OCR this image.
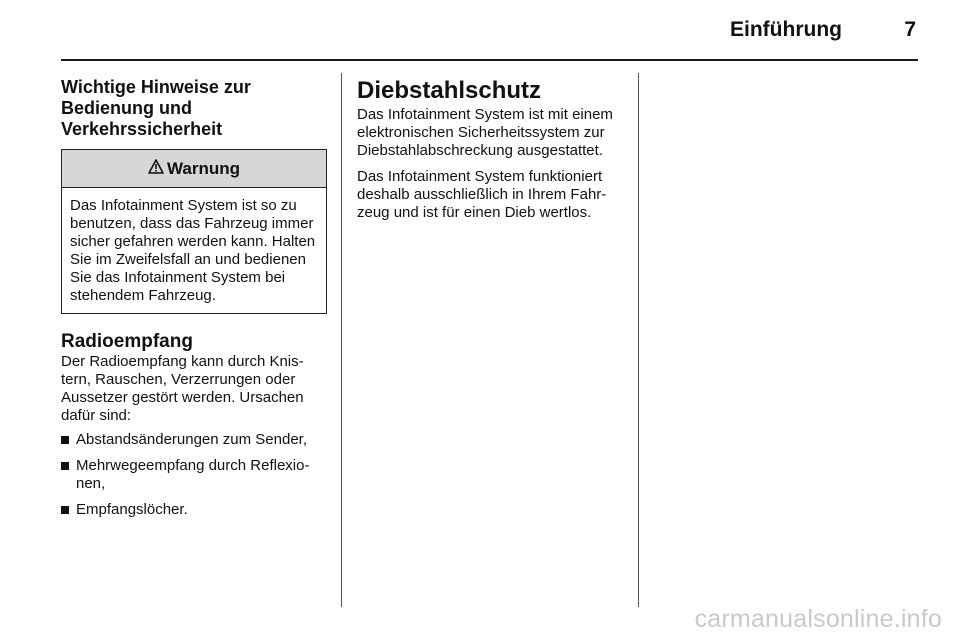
Einführung	7
Wichtige Hinweise zur Bedienung und Verkehrssicherheit
Warnung
Das Infotainment System ist so zu benutzen, dass das Fahrzeug immer sicher gefahren werden kann. Halten Sie im Zweifelsfall an und bedienen Sie das Infotainment System bei stehendem Fahrzeug.
Radioempfang

Der Radioempfang kann durch Knistern, Rauschen, Verzerrungen oder Aussetzer gestört werden. Ursachen dafür sind:

Abstandsänderungen zum Sender,
Mehrwegeempfang durch Reflexionen,
Empfangslöcher.
Diebstahlschutz

Das Infotainment System ist mit einem elektronischen Sicherheitssystem zur Diebstahlabschreckung ausgestattet.

Das Infotainment System funktioniert deshalb ausschließlich in Ihrem Fahrzeug und ist für einen Dieb wertlos.

carmanualsonline.info
